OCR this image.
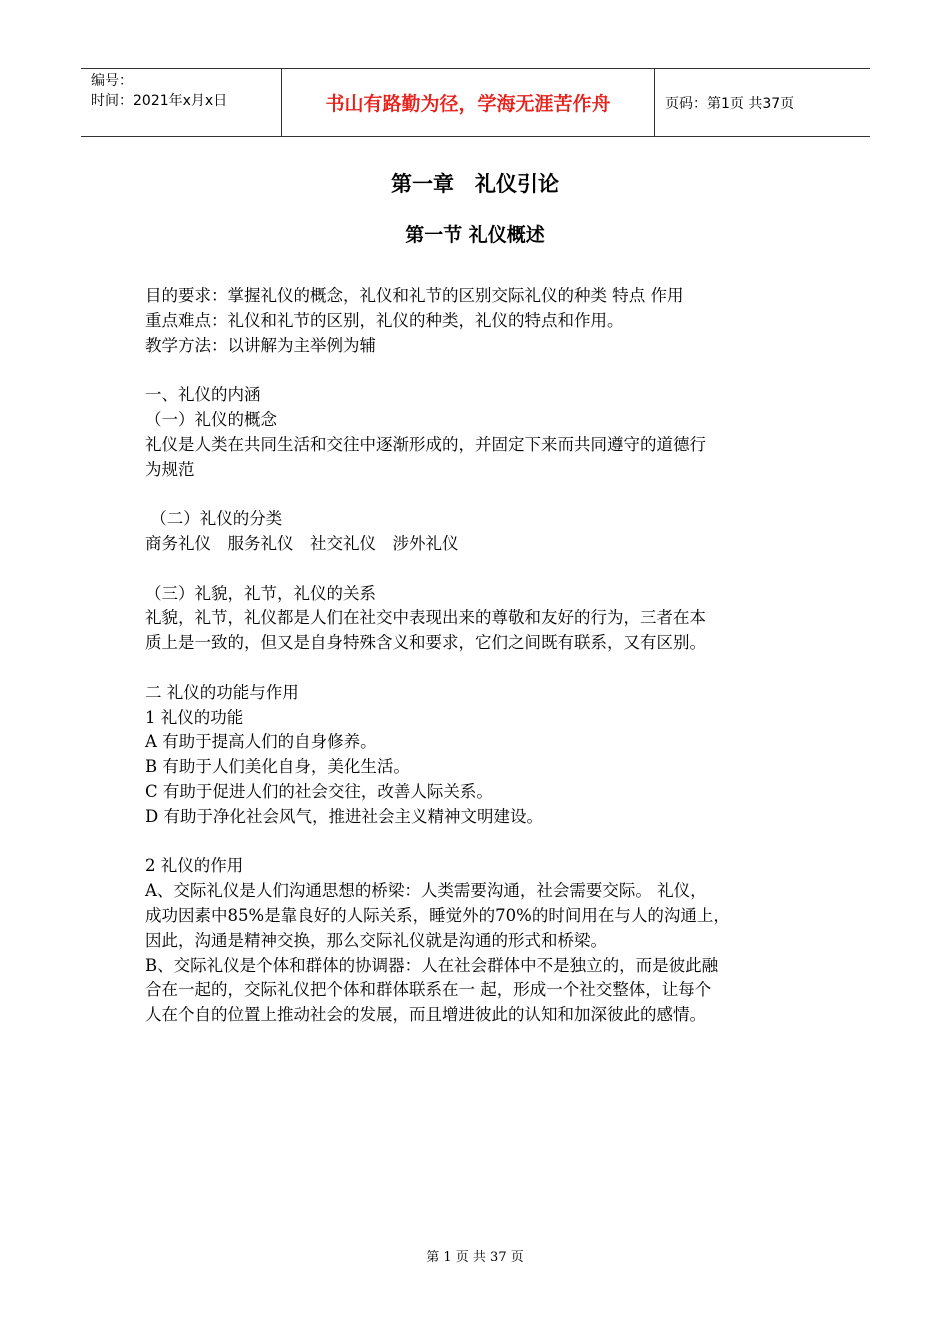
编号：
时间：2021年x月x日	书山有路勤为径，学海无涯苦作舟	页码：第1页 共37页
第一章　礼仪引论
第一节 礼仪概述

目的要求：掌握礼仪的概念，礼仪和礼节的区别交际礼仪的种类 特点 作用

重点难点：礼仪和礼节的区别，礼仪的种类，礼仪的特点和作用。

教学方法：以讲解为主举例为辅

一、礼仪的内涵

（一）礼仪的概念

礼仪是人类在共同生活和交往中逐渐形成的，并固定下来而共同遵守的道德行

为规范

（二）礼仪的分类

商务礼仪　服务礼仪　社交礼仪　涉外礼仪

（三）礼貌，礼节，礼仪的关系

礼貌，礼节，礼仪都是人们在社交中表现出来的尊敬和友好的行为，三者在本

质上是一致的，但又是自身特殊含义和要求，它们之间既有联系，又有区别。

二 礼仪的功能与作用

1 礼仪的功能

A 有助于提高人们的自身修养。

B 有助于人们美化自身，美化生活。

C 有助于促进人们的社会交往，改善人际关系。

D 有助于净化社会风气，推进社会主义精神文明建设。

2 礼仪的作用

A、交际礼仪是人们沟通思想的桥梁：人类需要沟通，社会需要交际。 礼仪，

成功因素中85%是靠良好的人际关系，睡觉外的70%的时间用在与人的沟通上，

因此，沟通是精神交换，那么交际礼仪就是沟通的形式和桥梁。

B、交际礼仪是个体和群体的协调器：人在社会群体中不是独立的，而是彼此融

合在一起的，交际礼仪把个体和群体联系在一 起，形成一个社交整体，让每个

人在个自的位置上推动社会的发展，而且增进彼此的认知和加深彼此的感情。

第 1 页 共 37 页
